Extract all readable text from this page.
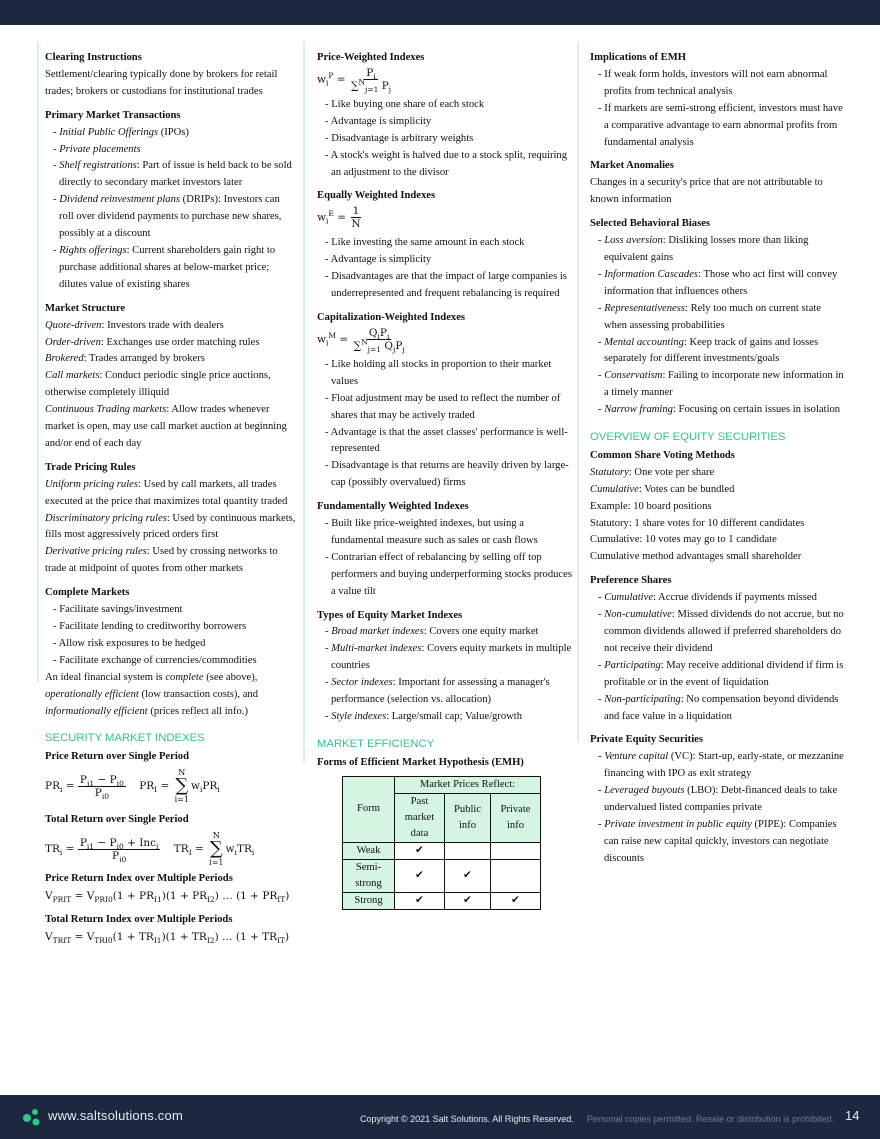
Clearing Instructions

Settlement/clearing typically done by brokers for retail trades; brokers or custodians for institutional trades

Primary Market Transactions
- Initial Public Offerings (IPOs)
- Private placements
- Shelf registrations: Part of issue is held back to be sold directly to secondary market investors later
- Dividend reinvestment plans (DRIPs): Investors can roll over dividend payments to purchase new shares, possibly at a discount
- Rights offerings: Current shareholders gain right to purchase additional shares at below-market price; dilutes value of existing shares
Market Structure
Quote-driven: Investors trade with dealers
Order-driven: Exchanges use order matching rules
Brokered: Trades arranged by brokers
Call markets: Conduct periodic single price auctions, otherwise completely illiquid
Continuous Trading markets: Allow trades whenever market is open, may use call market auction at beginning and/or end of each day
Trade Pricing Rules
Uniform pricing rules: Used by call markets, all trades executed at the price that maximizes total quantity traded
Discriminatory pricing rules: Used by continuous markets, fills most aggressively priced orders first
Derivative pricing rules: Used by crossing networks to trade at midpoint of quotes from other markets
Complete Markets
- Facilitate savings/investment
- Facilitate lending to creditworthy borrowers
- Allow risk exposures to be hedged
- Facilitate exchange of currencies/commodities

An ideal financial system is complete (see above), operationally efficient (low transaction costs), and informationally efficient (prices reflect all info.)

SECURITY MARKET INDEXES
Price Return over Single Period
$PR_i = \frac{P_{i1} - P_{i0}}{P_{i0}} PR_I$ =
N
∑
i=1
$w_iPR_i$
Total Return over Single Period
$TR_i = \frac{P_{i1} - P_{i0} + Inc_i}{P_{i0}} TR_I$ =
N
∑
i=1
$w_iTR_i$
Price Return Index over Multiple Periods
$V_{PRIT} = V_{PRI0}(1 + PR_{I1})(1 + PR_{I2})$ … $(1 + PR_{IT})$
Total Return Index over Multiple Periods
$V_{TRIT} = V_{TRI0}(1 + TR_{I1})(1 + TR_{I2})$ … $(1 + TR_{IT})$
Price-Weighted Indexes
$w_i^P = \frac{P_i}{\sum^N_{j=1} P_j}$
- Like buying one share of each stock
- Advantage is simplicity
- Disadvantage is arbitrary weights
- A stock's weight is halved due to a stock split, requiring an adjustment to the divisor
Equally Weighted Indexes
$w_i^E = \frac{1}{N}$
- Like investing the same amount in each stock
- Advantage is simplicity
- Disadvantages are that the impact of large companies is underrepresented and frequent rebalancing is required
Capitalization-Weighted Indexes
$w_i^M = \frac{Q_iP_i}{\sum^N_{j=1} Q_jP_j}$
- Like holding all stocks in proportion to their market values
- Float adjustment may be used to reflect the number of shares that may be actively traded
- Advantage is that the asset classes' performance is well-represented
- Disadvantage is that returns are heavily driven by large-cap (possibly overvalued) firms
Fundamentally Weighted Indexes
- Built like price-weighted indexes, but using a fundamental measure such as sales or cash flows
- Contrarian effect of rebalancing by selling off top performers and buying underperforming stocks produces a value tilt
Types of Equity Market Indexes
- Broad market indexes: Covers one equity market
- Multi-market indexes: Covers equity markets in multiple countries
- Sector indexes: Important for assessing a manager's performance (selection vs. allocation)
- Style indexes: Large/small cap; Value/growth
MARKET EFFICIENCY
Forms of Efficient Market Hypothesis (EMH)
Form	Market Prices Reflect:		
	Past market data	Public info	Private info
Weak	✔		
Semi-strong	✔	✔	
Strong	✔	✔	✔
Implications of EMH
- If weak form holds, investors will not earn abnormal profits from technical analysis
- If markets are semi-strong efficient, investors must have a comparative advantage to earn abnormal profits from fundamental analysis
Market Anomalies

Changes in a security's price that are not attributable to known information

Selected Behavioral Biases
- Loss aversion: Disliking losses more than liking equivalent gains
- Information Cascades: Those who act first will convey information that influences others
- Representativeness: Rely too much on current state when assessing probabilities
- Mental accounting: Keep track of gains and losses separately for different investments/goals
- Conservatism: Failing to incorporate new information in a timely manner
- Narrow framing: Focusing on certain issues in isolation
OVERVIEW OF EQUITY SECURITIES
Common Share Voting Methods
Statutory: One vote per share
Cumulative: Votes can be bundled
Example: 10 board positions
Statutory: 1 share votes for 10 different candidates
Cumulative: 10 votes may go to 1 candidate
Cumulative method advantages small shareholder
Preference Shares
- Cumulative: Accrue dividends if payments missed
- Non-cumulative: Missed dividends do not accrue, but no common dividends allowed if preferred shareholders do not receive their dividend
- Participating: May receive additional dividend if firm is profitable or in the event of liquidation
- Non-participating: No compensation beyond dividends and face value in a liquidation
Private Equity Securities
- Venture capital (VC): Start-up, early-state, or mezzanine financing with IPO as exit strategy
- Leveraged buyouts (LBO): Debt-financed deals to take undervalued listed companies private
- Private investment in public equity (PIPE): Companies can raise new capital quickly, investors can negotiate discounts
www.saltsolutions.com	Copyright © 2021 Salt Solutions. All Rights Reserved. Personal copies permitted. Resale or distribution is prohibited. 14
